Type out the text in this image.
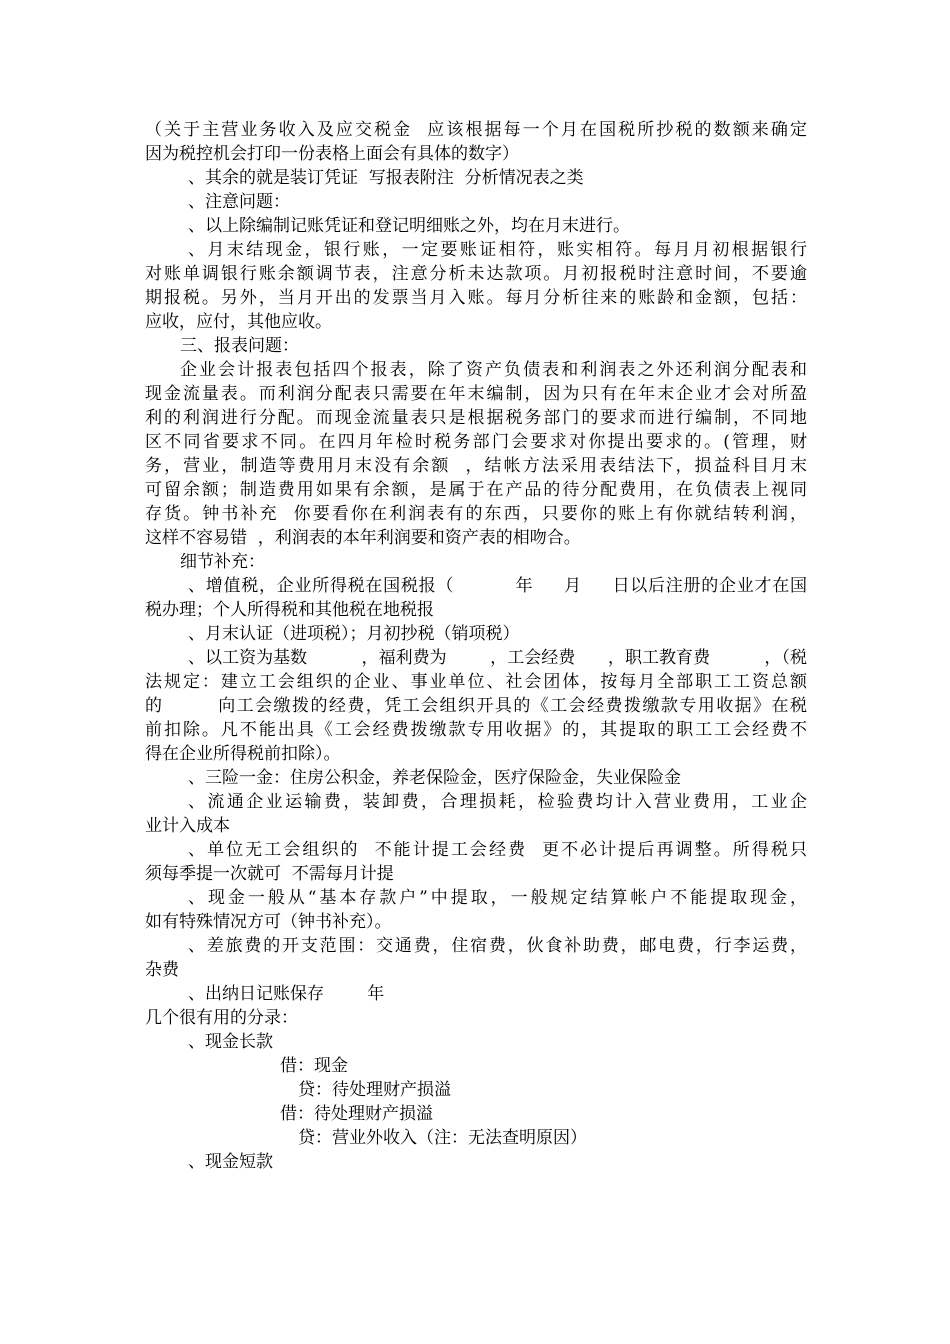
（关于主营业务收入及应交税金  应该根据每一个月在国税所抄税的数额来确定
因为税控机会打印一份表格上面会有具体的数字）
、其余的就是装订凭证  写报表附注  分析情况表之类
、注意问题：
、以上除编制记账凭证和登记明细账之外，均在月末进行。
、月末结现金，银行账，一定要账证相符，账实相符。每月月初根据银行
对账单调银行账余额调节表，注意分析未达款项。月初报税时注意时间，不要逾
期报税。另外，当月开出的发票当月入账。每月分析往来的账龄和金额，包括：
应收，应付，其他应收。
三、报表问题：
企业会计报表包括四个报表，除了资产负债表和利润表之外还利润分配表和
现金流量表。而利润分配表只需要在年末编制，因为只有在年末企业才会对所盈
利的利润进行分配。而现金流量表只是根据税务部门的要求而进行编制，不同地
区不同省要求不同。在四月年检时税务部门会要求对你提出要求的。(管理，财
务，营业，制造等费用月末没有余额  ，结帐方法采用表结法下，损益科目月末
可留余额；制造费用如果有余额，是属于在产品的待分配费用，在负债表上视同
存货。钟书补充  你要看你在利润表有的东西，只要你的账上有你就结转利润，
这样不容易错  ，利润表的本年利润要和资产表的相吻合。
细节补充：
、增值税，企业所得税在国税报（          年     月     日以后注册的企业才在国
税办理；个人所得税和其他税在地税报
、月末认证（进项税）；月初抄税（销项税）
、以工资为基数          ，福利费为        ，工会经费      ，职工教育费          ，（税
法规定：建立工会组织的企业、事业单位、社会团体，按每月全部职工工资总额
的        向工会缴拨的经费，凭工会组织开具的《工会经费拨缴款专用收据》在税
前扣除。凡不能出具《工会经费拨缴款专用收据》的，其提取的职工工会经费不
得在企业所得税前扣除）。
、三险一金：住房公积金，养老保险金，医疗保险金，失业保险金
、流通企业运输费，装卸费，合理损耗，检验费均计入营业费用，工业企
业计入成本
、单位无工会组织的  不能计提工会经费  更不必计提后再调整。所得税只
须每季提一次就可  不需每月计提
、现金一般从“基本存款户”中提取，一般规定结算帐户不能提取现金，
如有特殊情况方可（钟书补充）。
、差旅费的开支范围：交通费，住宿费，伙食补助费，邮电费，行李运费，
杂费
、出纳日记账保存        年
几个很有用的分录：
、现金长款
借：现金
贷：待处理财产损溢
借：待处理财产损溢
贷：营业外收入（注：无法查明原因）
、现金短款
